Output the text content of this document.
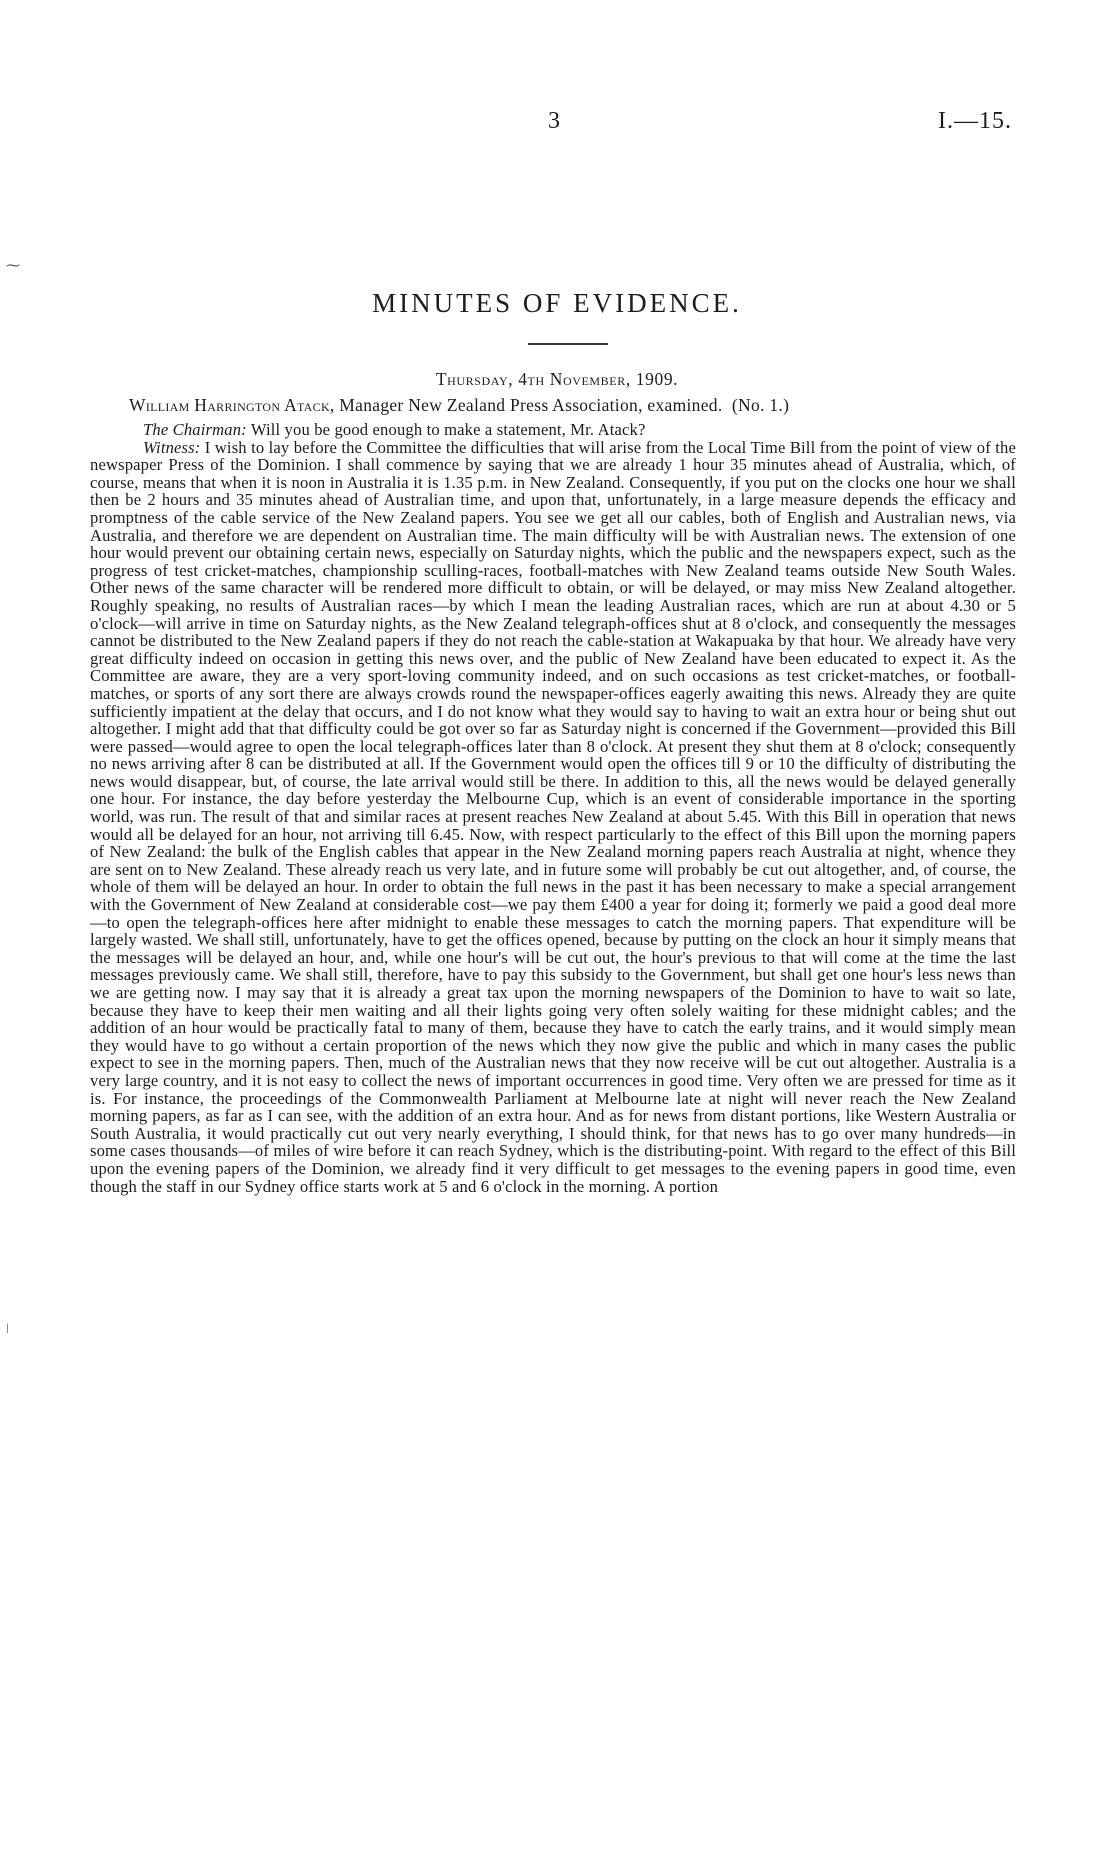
⁓
ǀ
3	I.—15.
MINUTES OF EVIDENCE.
Thursday, 4th November, 1909.
William Harrington Atack, Manager New Zealand Press Association, examined. (No. 1.)

The Chairman: Will you be good enough to make a statement, Mr. Atack?

Witness: I wish to lay before the Committee the difficulties that will arise from the Local Time Bill from the point of view of the newspaper Press of the Dominion. I shall commence by saying that we are already 1 hour 35 minutes ahead of Australia, which, of course, means that when it is noon in Australia it is 1.35 p.m. in New Zealand. Consequently, if you put on the clocks one hour we shall then be 2 hours and 35 minutes ahead of Australian time, and upon that, unfortunately, in a large measure depends the efficacy and promptness of the cable service of the New Zealand papers. You see we get all our cables, both of English and Australian news, via Australia, and therefore we are dependent on Australian time. The main difficulty will be with Australian news. The extension of one hour would prevent our obtaining certain news, especially on Saturday nights, which the public and the newspapers expect, such as the progress of test cricket-matches, championship sculling-races, football-matches with New Zealand teams outside New South Wales. Other news of the same character will be rendered more difficult to obtain, or will be delayed, or may miss New Zealand altogether. Roughly speaking, no results of Australian races—by which I mean the leading Australian races, which are run at about 4.30 or 5 o'clock—will arrive in time on Saturday nights, as the New Zealand telegraph-offices shut at 8 o'clock, and consequently the messages cannot be distributed to the New Zealand papers if they do not reach the cable-station at Wakapuaka by that hour. We already have very great difficulty indeed on occasion in getting this news over, and the public of New Zealand have been educated to expect it. As the Committee are aware, they are a very sport-loving community indeed, and on such occasions as test cricket-matches, or football-matches, or sports of any sort there are always crowds round the newspaper-offices eagerly awaiting this news. Already they are quite sufficiently impatient at the delay that occurs, and I do not know what they would say to having to wait an extra hour or being shut out altogether. I might add that that difficulty could be got over so far as Saturday night is concerned if the Government—provided this Bill were passed—would agree to open the local telegraph-offices later than 8 o'clock. At present they shut them at 8 o'clock; consequently no news arriving after 8 can be distributed at all. If the Government would open the offices till 9 or 10 the difficulty of distributing the news would disappear, but, of course, the late arrival would still be there. In addition to this, all the news would be delayed generally one hour. For instance, the day before yesterday the Melbourne Cup, which is an event of considerable importance in the sporting world, was run. The result of that and similar races at present reaches New Zealand at about 5.45. With this Bill in operation that news would all be delayed for an hour, not arriving till 6.45. Now, with respect particularly to the effect of this Bill upon the morning papers of New Zealand: the bulk of the English cables that appear in the New Zealand morning papers reach Australia at night, whence they are sent on to New Zealand. These already reach us very late, and in future some will probably be cut out altogether, and, of course, the whole of them will be delayed an hour. In order to obtain the full news in the past it has been necessary to make a special arrangement with the Government of New Zealand at considerable cost—we pay them £400 a year for doing it; formerly we paid a good deal more—to open the telegraph-offices here after midnight to enable these messages to catch the morning papers. That expenditure will be largely wasted. We shall still, unfortunately, have to get the offices opened, because by putting on the clock an hour it simply means that the messages will be delayed an hour, and, while one hour's will be cut out, the hour's previous to that will come at the time the last messages previously came. We shall still, therefore, have to pay this subsidy to the Government, but shall get one hour's less news than we are getting now. I may say that it is already a great tax upon the morning newspapers of the Dominion to have to wait so late, because they have to keep their men waiting and all their lights going very often solely waiting for these midnight cables; and the addition of an hour would be practically fatal to many of them, because they have to catch the early trains, and it would simply mean they would have to go without a certain proportion of the news which they now give the public and which in many cases the public expect to see in the morning papers. Then, much of the Australian news that they now receive will be cut out altogether. Australia is a very large country, and it is not easy to collect the news of important occurrences in good time. Very often we are pressed for time as it is. For instance, the proceedings of the Commonwealth Parliament at Melbourne late at night will never reach the New Zealand morning papers, as far as I can see, with the addition of an extra hour. And as for news from distant portions, like Western Australia or South Australia, it would practically cut out very nearly everything, I should think, for that news has to go over many hundreds—in some cases thousands—of miles of wire before it can reach Sydney, which is the distributing-point. With regard to the effect of this Bill upon the evening papers of the Dominion, we already find it very difficult to get messages to the evening papers in good time, even though the staff in our Sydney office starts work at 5 and 6 o'clock in the morning. A portion
